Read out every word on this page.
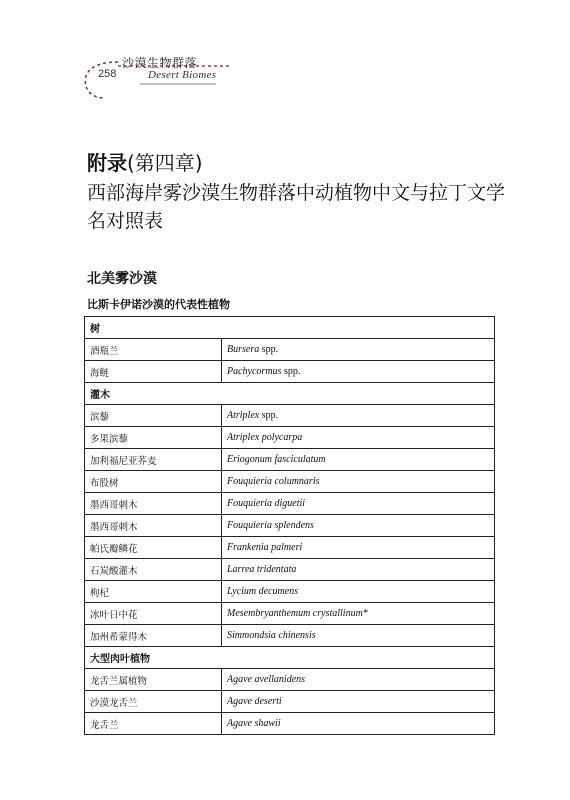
258
沙漠生物群落
Desert Biomes
附录(第四章)
西部海岸雾沙漠生物群落中动植物中文与拉丁文学名对照表
北美雾沙漠
比斯卡伊诺沙漠的代表性植物
树	
酒瓶兰	Bursera spp.
海鲢	Pachycormus spp.
灌木	
滨藜	Atriplex spp.
多果滨藜	Atriplex polycarpa
加利福尼亚荞麦	Eriogonum fasciculatum
布股树	Fouquieria columnaris
墨西哥刺木	Fouquieria diguetii
墨西哥刺木	Fouquieria splendens
帕氏瓣鳞花	Frankenia palmeri
石炭酸灌木	Larrea tridentata
枸杞	Lycium decumens
冰叶日中花	Mesembryanthemum crystallinum*
加州希蒙得木	Simmondsia chinensis
大型肉叶植物	
龙舌兰属植物	Agave avellanidens
沙漠龙舌兰	Agave deserti
龙舌兰	Agave shawii
